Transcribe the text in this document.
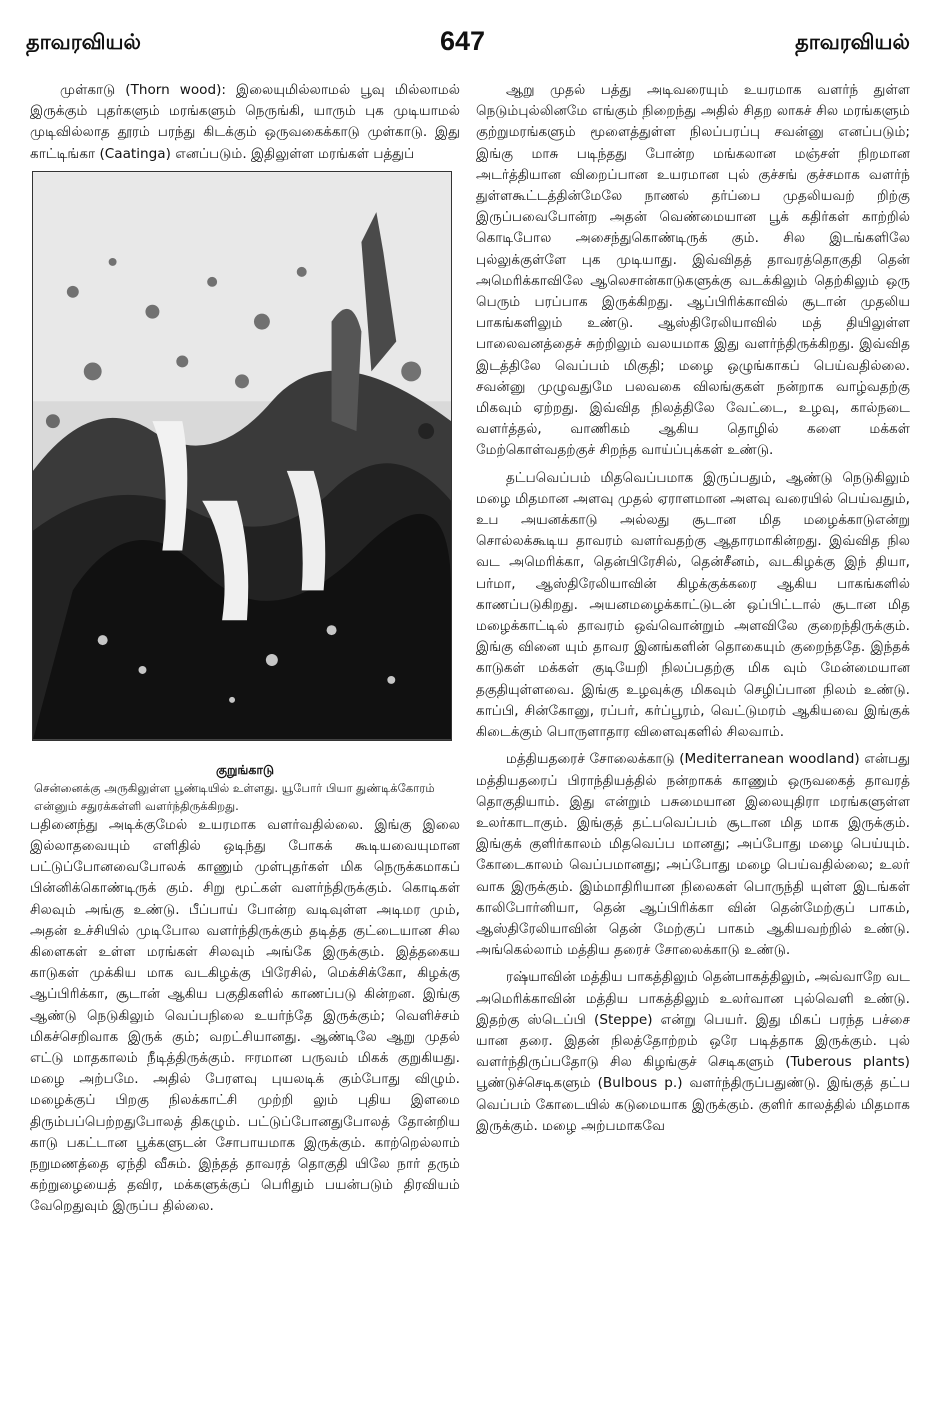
தாவரவியல்	647	தாவரவியல்

முள்காடு (Thorn wood): இலையுமில்லாமல் பூவு மில்லாமல் இருக்கும் புதர்களும் மரங்களும் நெருங்கி, யாரும் புக முடியாமல் முடிவில்லாத தூரம் பரந்து கிடக்கும் ஒருவகைக்காடு முள்காடு. இது காட்டிங்கா (Caatinga) எனப்படும். இதிலுள்ள மரங்கள் பத்துப்

குறுங்காடு
சென்னைக்கு அருகிலுள்ள பூண்டியில் உள்ளது. யூபோர் பியா துண்டிக்கோரம் என்னும் சதுரக்கள்ளி வளர்ந்திருக்கிறது.

பதினைந்து அடிக்குமேல் உயரமாக வளர்வதில்லை. இங்கு இலை இல்லாதவையும் எளிதில் ஒடிந்து போகக் கூடியவையுமான பட்டுப்போனவைபோலக் காணும் முள்புதர்கள் மிக நெருக்கமாகப் பின்னிக்கொண்டிருக் கும். சிறு மூட்கள் வளர்ந்திருக்கும். கொடிகள் சிலவும் அங்கு உண்டு. பீப்பாய் போன்ற வடிவுள்ள அடிமர மும், அதன் உச்சியில் முடிபோல வளர்ந்திருக்கும் தடித்த குட்டையான சில கிளைகள் உள்ள மரங்கள் சிலவும் அங்கே இருக்கும். இத்தகைய காடுகள் முக்கிய மாக வடகிழக்கு பிரேசில், மெக்சிக்கோ, கிழக்கு ஆப்பிரிக்கா, சூடான் ஆகிய பகுதிகளில் காணப்படு கின்றன. இங்கு ஆண்டு நெடுகிலும் வெப்பநிலை உயர்ந்தே இருக்கும்; வெளிச்சம் மிகச்செறிவாக இருக் கும்; வறட்சியானது. ஆண்டிலே ஆறு முதல் எட்டு மாதகாலம் நீடித்திருக்கும். ஈரமான பருவம் மிகக் குறுகியது. மழை அற்பமே. அதில் பேரளவு புயலடிக் கும்போது விழும். மழைக்குப் பிறகு நிலக்காட்சி முற்றி லும் புதிய இளமை திரும்பப்பெற்றதுபோலத் திகழும். பட்டுப்போனதுபோலத் தோன்றிய காடு பகட்டான பூக்களுடன் சோபாயமாக இருக்கும். காற்றெல்லாம் நறுமணத்தை ஏந்தி வீசும். இந்தத் தாவரத் தொகுதி யிலே நார் தரும் கற்றுழையைத் தவிர, மக்களுக்குப் பெரிதும் பயன்படும் திரவியம் வேறெதுவும் இருப்ப தில்லை.

ஆறு முதல் பத்து அடிவரையும் உயரமாக வளர்ந் துள்ள நெடும்புல்லினமே எங்கும் நிறைந்து அதில் சிதற லாகச் சில மரங்களும் குற்றுமரங்களும் மூளைத்துள்ள நிலப்பரப்பு சவன்னு எனப்படும்; இங்கு மாசு படிந்தது போன்ற மங்கலான மஞ்சள் நிறமான அடர்த்தியான விறைப்பான உயரமான புல் குச்சங் குச்சமாக வளர்ந் துள்ளகூட்டத்தின்மேலே நாணல் தர்ப்பை முதலியவற் றிற்கு இருப்பவைபோன்ற அதன் வெண்மையான பூக் கதிர்கள் காற்றில் கொடிபோல அசைந்துகொண்டிருக் கும். சில இடங்களிலே புல்லுக்குள்ளே புக முடியாது. இவ்விதத் தாவரத்தொகுதி தென் அமெரிக்காவிலே ஆலெசான்காடுகளுக்கு வடக்கிலும் தெற்கிலும் ஒரு பெரும் பரப்பாக இருக்கிறது. ஆப்பிரிக்காவில் சூடான் முதலிய பாகங்களிலும் உண்டு. ஆஸ்திரேலியாவில் மத் தியிலுள்ள பாலைவனத்தைச் சுற்றிலும் வலயமாக இது வளர்ந்திருக்கிறது. இவ்வித இடத்திலே வெப்பம் மிகுதி; மழை ஒழுங்காகப் பெய்வதில்லை. சவன்னு முழுவதுமே பலவகை விலங்குகள் நன்றாக வாழ்வதற்கு மிகவும் ஏற்றது. இவ்வித நிலத்திலே வேட்டை, உழவு, கால்நடை வளர்த்தல், வாணிகம் ஆகிய தொழில் களை மக்கள் மேற்கொள்வதற்குச் சிறந்த வாய்ப்புக்கள் உண்டு.

தட்பவெப்பம் மிதவெப்பமாக இருப்பதும், ஆண்டு நெடுகிலும் மழை மிதமான அளவு முதல் ஏராளமான அளவு வரையில் பெய்வதும், உப அயனக்காடு அல்லது சூடான மித மழைக்காடுஎன்று சொல்லக்கூடிய தாவரம் வளர்வதற்கு ஆதாரமாகின்றது. இவ்வித நில வட அமெரிக்கா, தென்பிரேசில், தென்சீனம், வடகிழக்கு இந் தியா, பர்மா, ஆஸ்திரேலியாவின் கிழக்குக்கரை ஆகிய பாகங்களில் காணப்படுகிறது. அயனமழைக்காட்டுடன் ஒப்பிட்டால் சூடான மித மழைக்காட்டில் தாவரம் ஒவ்வொன்றும் அளவிலே குறைந்திருக்கும். இங்கு வினை யும் தாவர இனங்களின் தொகையும் குறைந்ததே. இந்தக் காடுகள் மக்கள் குடியேறி நிலப்பதற்கு மிக வும் மேன்மையான தகுதியுள்ளவை. இங்கு உழவுக்கு மிகவும் செழிப்பான நிலம் உண்டு. காப்பி, சின்கோனு, ரப்பர், கர்ப்பூரம், வெட்டுமரம் ஆகியவை இங்குக் கிடைக்கும் பொருளாதார விளைவுகளில் சிலவாம்.

மத்தியதரைச் சோலைக்காடு (Mediterranean woodland) என்பது மத்தியதரைப் பிராந்தியத்தில் நன்றாகக் காணும் ஒருவகைத் தாவரத் தொகுதியாம். இது என்றும் பசுமையான இலையுதிரா மரங்களுள்ள உலர்காடாகும். இங்குத் தட்பவெப்பம் சூடான மித மாக இருக்கும். இங்குக் குளிர்காலம் மிதவெப்ப மானது; அப்போது மழை பெய்யும். கோடைகாலம் வெப்பமானது; அப்போது மழை பெய்வதில்லை; உலர் வாக இருக்கும். இம்மாதிரியான நிலைகள் பொருந்தி யுள்ள இடங்கள் காலிபோர்னியா, தென் ஆப்பிரிக்கா வின் தென்மேற்குப் பாகம், ஆஸ்திரேலியாவின் தென் மேற்குப் பாகம் ஆகியவற்றில் உண்டு. அங்கெல்லாம் மத்திய தரைச் சோலைக்காடு உண்டு.

ரஷ்யாவின் மத்திய பாகத்திலும் தென்பாகத்திலும், அவ்வாறே வட அமெரிக்காவின் மத்திய பாகத்திலும் உலர்வான புல்வெளி உண்டு. இதற்கு ஸ்டெப்பி (Steppe) என்று பெயர். இது மிகப் பரந்த பச்சை யான தரை. இதன் நிலத்தோற்றம் ஒரே படித்தாக இருக்கும். புல் வளர்ந்திருப்பதோடு சில கிழங்குச் செடிகளும் (Tuberous plants) பூண்டுச்செடிகளும் (Bulbous p.) வளர்ந்திருப்பதுண்டு. இங்குத் தட்ப வெப்பம் கோடையில் கடுமையாக இருக்கும். குளிர் காலத்தில் மிதமாக இருக்கும். மழை அற்பமாகவே
